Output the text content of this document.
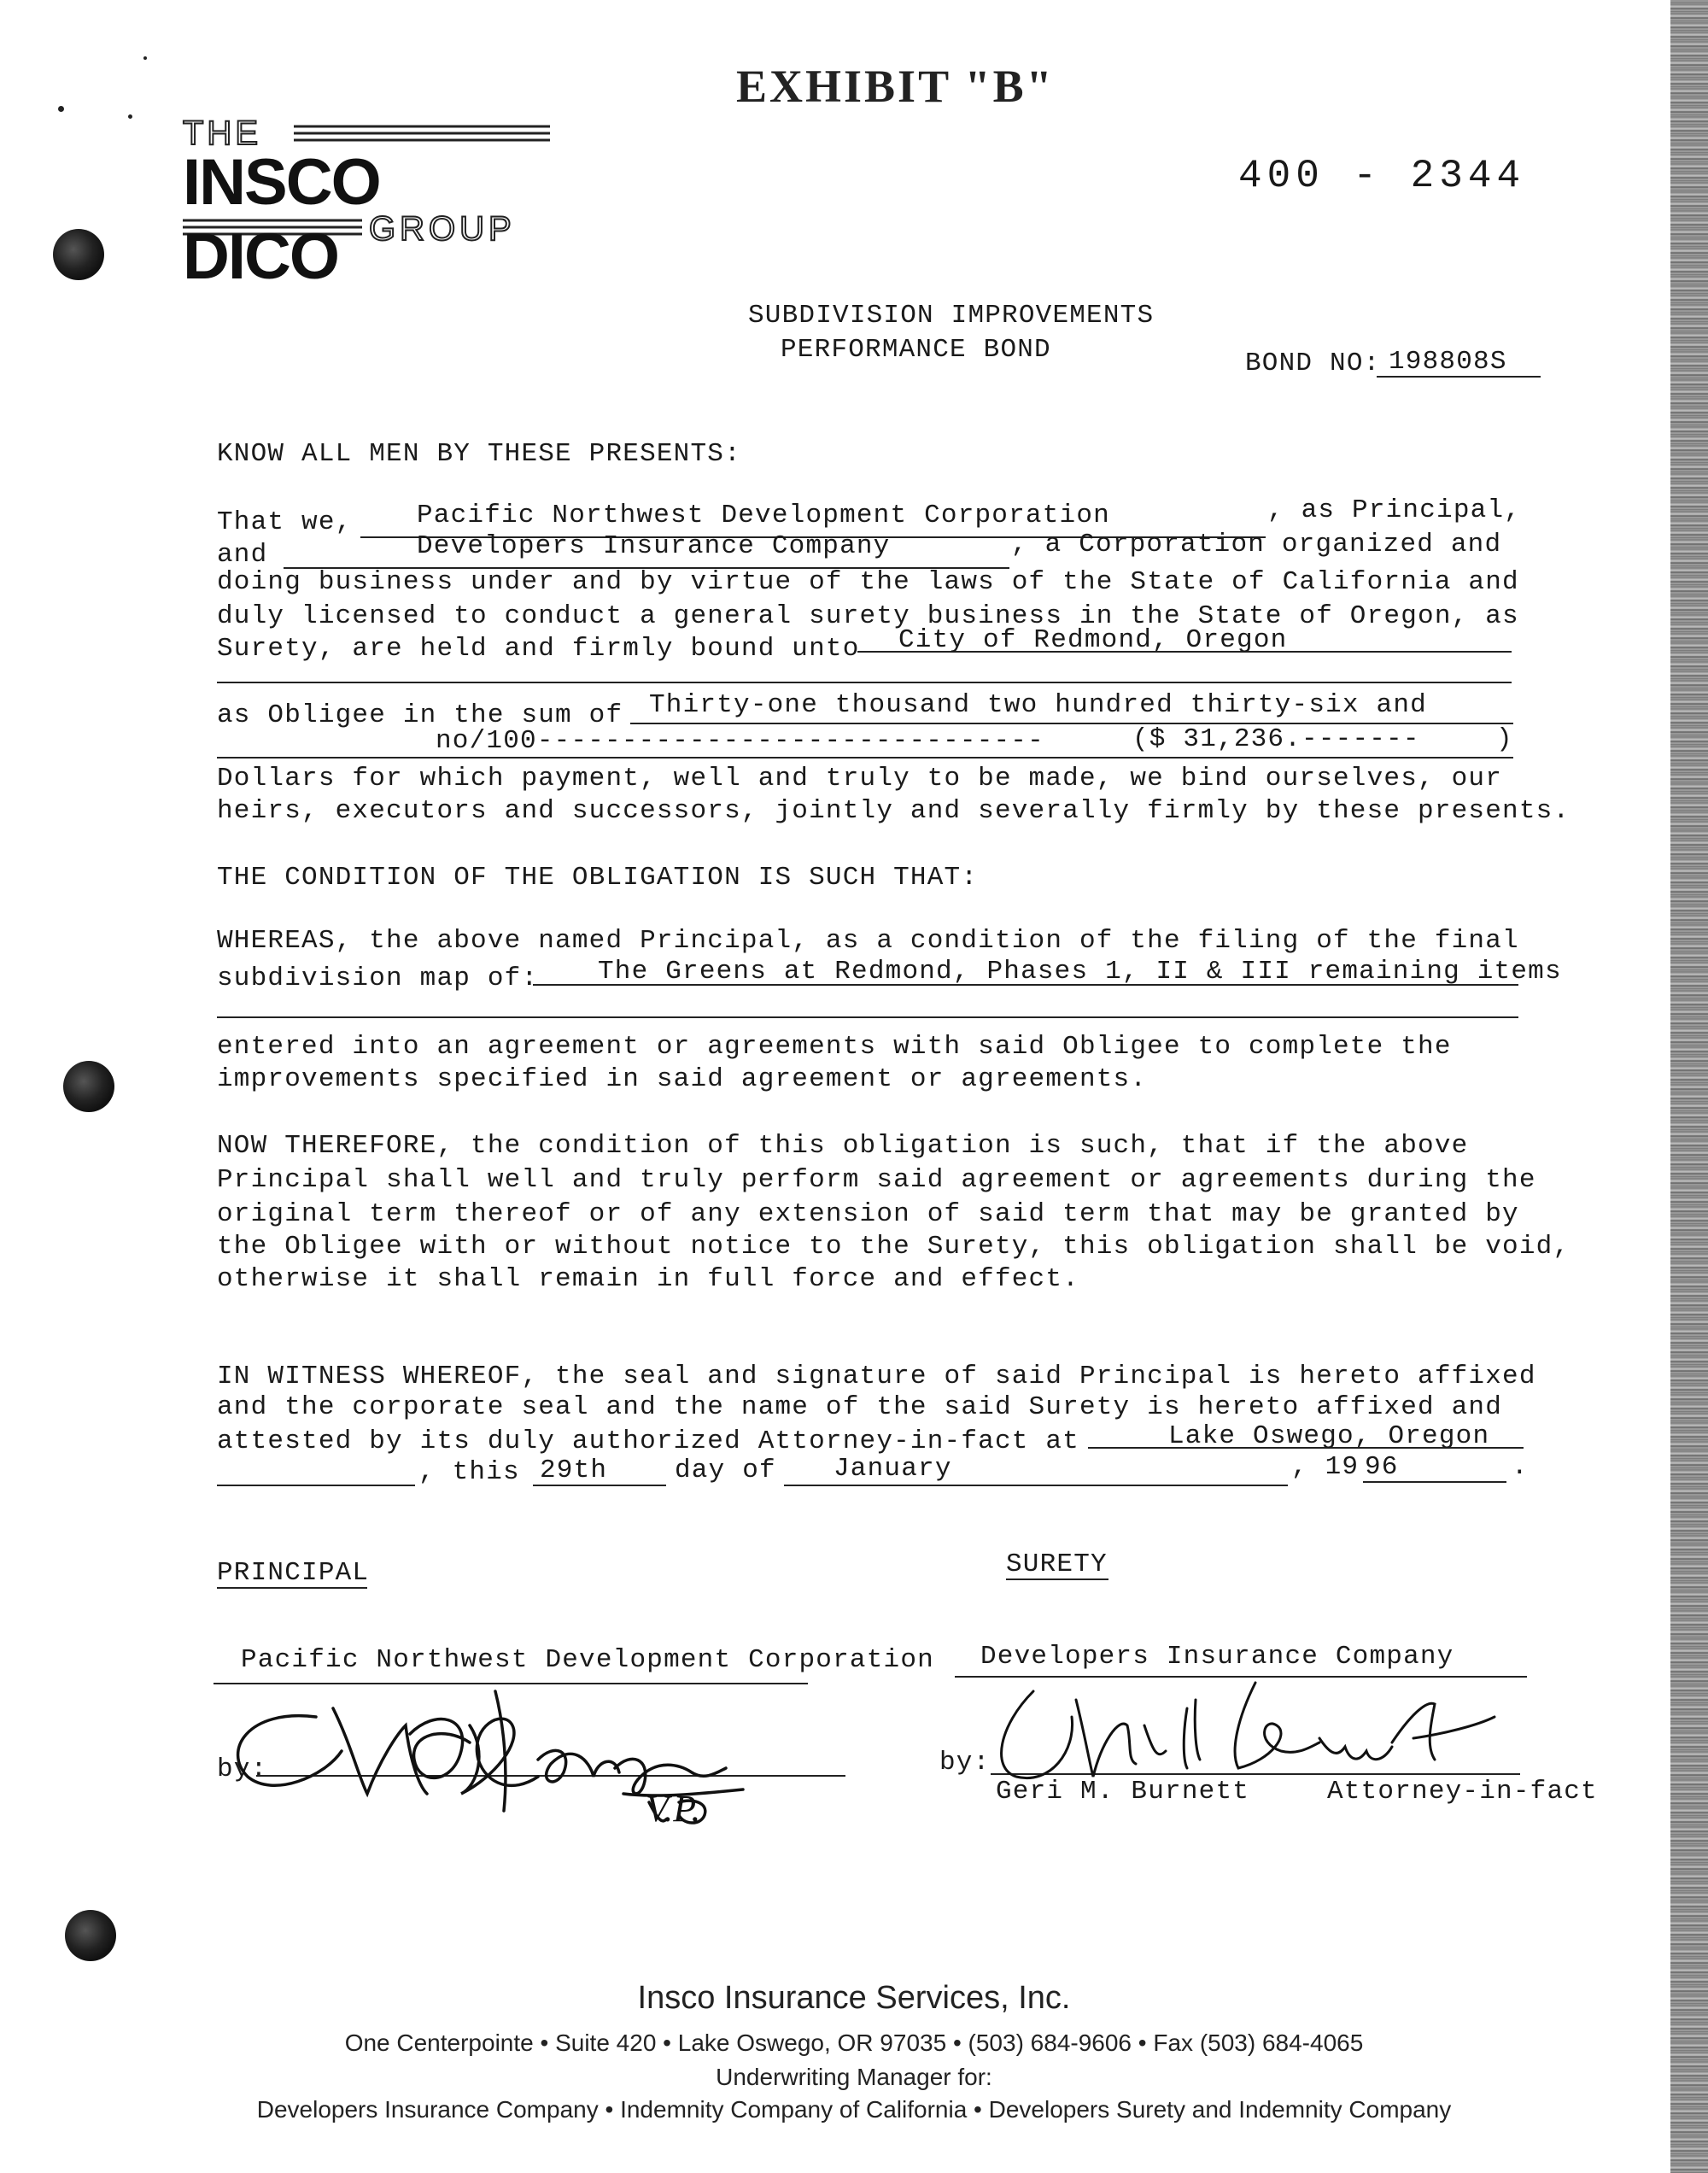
THE
INSCO DICO GROUP
EXHIBIT "B"
400 - 2344
SUBDIVISION IMPROVEMENTS
PERFORMANCE BOND	BOND NO: 198808S
KNOW ALL MEN BY THESE PRESENTS:
That we, Pacific Northwest Development Corporation	, as Principal,
and	Developers Insurance Company	, a Corporation organized and
doing business under and by virtue of the laws of the State of California and
duly licensed to conduct a general surety business in the State of Oregon, as
Surety, are held and firmly bound unto City of Redmond, Oregon
as Obligee in the sum of Thirty-one thousand two hundred thirty-six and
no/100------------------------------	($ 31,236.-------	)
Dollars for which payment, well and truly to be made, we bind ourselves, our
heirs, executors and successors, jointly and severally firmly by these presents.
THE CONDITION OF THE OBLIGATION IS SUCH THAT:
WHEREAS, the above named Principal, as a condition of the filing of the final
subdivision map of: The Greens at Redmond, Phases 1, II & III remaining items
entered into an agreement or agreements with said Obligee to complete the
improvements specified in said agreement or agreements.
NOW THEREFORE, the condition of this obligation is such, that if the above
Principal shall well and truly perform said agreement or agreements during the
original term thereof or of any extension of said term that may be granted by
the Obligee with or without notice to the Surety, this obligation shall be void,
otherwise it shall remain in full force and effect.
IN WITNESS WHEREOF, the seal and signature of said Principal is hereto affixed
and the corporate seal and the name of the said Surety is hereto affixed and
attested by its duly authorized Attorney-in-fact at	Lake Oswego, Oregon
, this 29th	day of January	, 19 96	.
PRINCIPAL	SURETY
Pacific Northwest Development Corporation Developers Insurance Company
by:	by:
V.P.	Geri M. Burnett	Attorney-in-fact
Insco Insurance Services, Inc.
One Centerpointe • Suite 420 • Lake Oswego, OR 97035 • (503) 684-9606 • Fax (503) 684-4065
Underwriting Manager for:
Developers Insurance Company • Indemnity Company of California • Developers Surety and Indemnity Company
